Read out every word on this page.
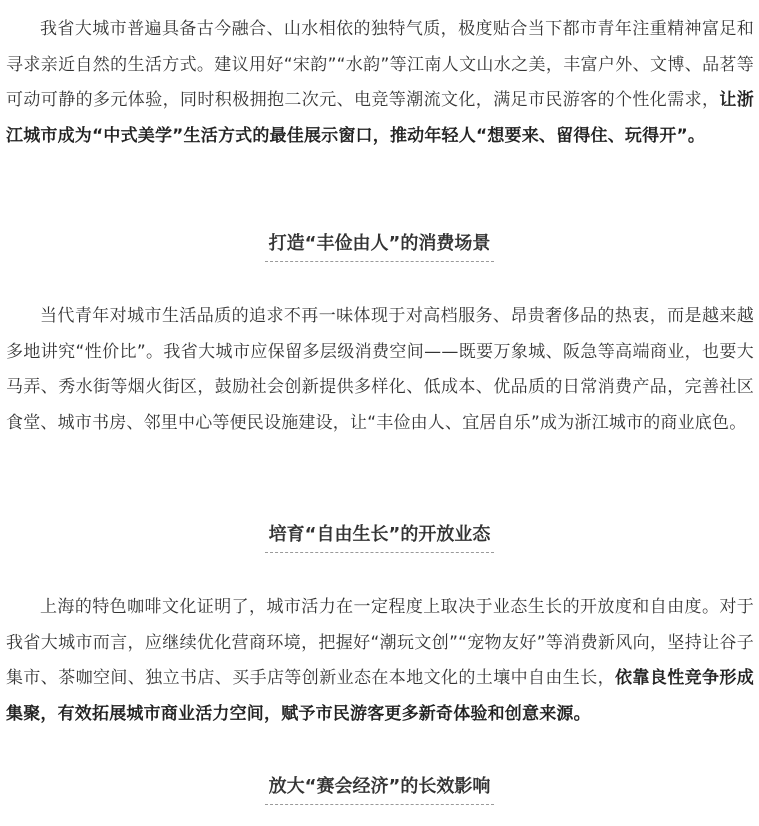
我省大城市普遍具备古今融合、山水相依的独特气质，极度贴合当下都市青年注重精神富足和寻求亲近自然的生活方式。建议用好“宋韵”“水韵”等江南人文山水之美，丰富户外、文博、品茗等可动可静的多元体验，同时积极拥抱二次元、电竞等潮流文化，满足市民游客的个性化需求，让浙江城市成为“中式美学”生活方式的最佳展示窗口，推动年轻人“想要来、留得住、玩得开”。

打造“丰俭由人”的消费场景

当代青年对城市生活品质的追求不再一味体现于对高档服务、昂贵奢侈品的热衷，而是越来越多地讲究“性价比”。我省大城市应保留多层级消费空间——既要万象城、阪急等高端商业，也要大马弄、秀水街等烟火街区，鼓励社会创新提供多样化、低成本、优品质的日常消费产品，完善社区食堂、城市书房、邻里中心等便民设施建设，让“丰俭由人、宜居自乐”成为浙江城市的商业底色。

培育“自由生长”的开放业态

上海的特色咖啡文化证明了，城市活力在一定程度上取决于业态生长的开放度和自由度。对于我省大城市而言，应继续优化营商环境，把握好“潮玩文创”“宠物友好”等消费新风向，坚持让谷子集市、茶咖空间、独立书店、买手店等创新业态在本地文化的土壤中自由生长，依靠良性竞争形成集聚，有效拓展城市商业活力空间，赋予市民游客更多新奇体验和创意来源。

放大“赛会经济”的长效影响
